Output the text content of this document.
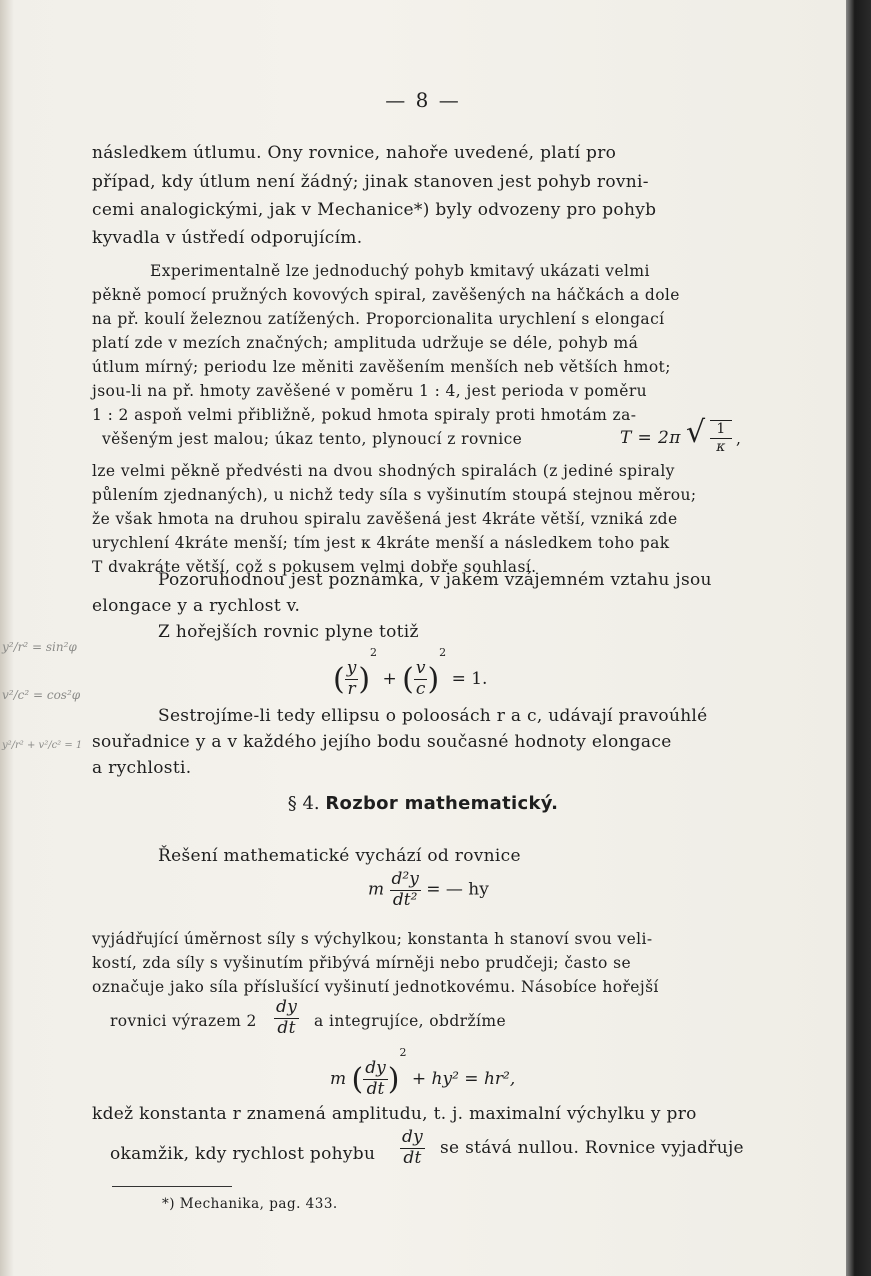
— 8 —
následkem útlumu. Ony rovnice, nahoře uvedené, platí pro
případ, kdy útlum není žádný; jinak stanoven jest pohyb rovni-
cemi analogickými, jak v Mechanice*) byly odvozeny pro pohyb
kyvadla v ústředí odporujícím.
Experimentalně lze jednoduchý pohyb kmitavý ukázati velmi
pěkně pomocí pružných kovových spiral, zavěšených na háčkách a dole
na př. koulí železnou zatížených. Proporcionalita urychlení s elongací
platí zde v mezích značných; amplituda udržuje se déle, pohyb má
útlum mírný; periodu lze měniti zavěšením menších neb větších hmot;
jsou-li na př. hmoty zavěšené v poměru 1 : 4, jest perioda v poměru
1 : 2 aspoň velmi přibližně, pokud hmota spiraly proti hmotám za-
věšeným jest malou; úkaz tento, plynoucí z rovnice	T = 2π √ $\frac{1}{\kappa}$ ,
lze velmi pěkně předvésti na dvou shodných spiralách (z jediné spiraly
půlením zjednaných), u nichž tedy síla s vyšinutím stoupá stejnou měrou;
že však hmota na druhou spiralu zavěšená jest 4kráte větší, vzniká zde
urychlení 4kráte menší; tím jest κ 4kráte menší a následkem toho pak
T dvakráte větší, což s pokusem velmi dobře souhlasí.
Pozoruhodnou jest poznámka, v jakém vzájemném vztahu jsou
elongace y a rychlost v.
Z hořejších rovnic plyne totiž
( $\frac{y}{r} )^2$ + ( $\frac{v}{c} )^2 = 1$.
Sestrojíme-li tedy ellipsu o poloosách r a c, udávají pravoúhlé
souřadnice y a v každého jejího bodu současné hodnoty elongace
a rychlosti.
§ 4. Rozbor mathematický.
Řešení mathematické vychází od rovnice
m $\frac{\text{d²y}}{\text{dt²}}$ = — hy
vyjádřující úměrnost síly s výchylkou; konstanta h stanoví svou veli-
kostí, zda síly s vyšinutím přibývá mírněji nebo prudčeji; často se
označuje jako síla příslušící vyšinutí jednotkovému. Násobíce hořejší
rovnici výrazem $2 \frac{dy}{dt}$ a integrujíce, obdržíme
m ( $\frac{dy}{dt} )^2 + hy^2 = hr^2$,
kdež konstanta r znamená amplitudu, t. j. maximalní výchylku y pro
okamžik, kdy rychlost pohybu $\frac{dy}{dt}$ se stává nullou. Rovnice vyjadřuje
*) Mechanika, pag. 433.
y²/r² = sin²φ
v²/c² = cos²φ
y²/r² + v²/c² = 1
